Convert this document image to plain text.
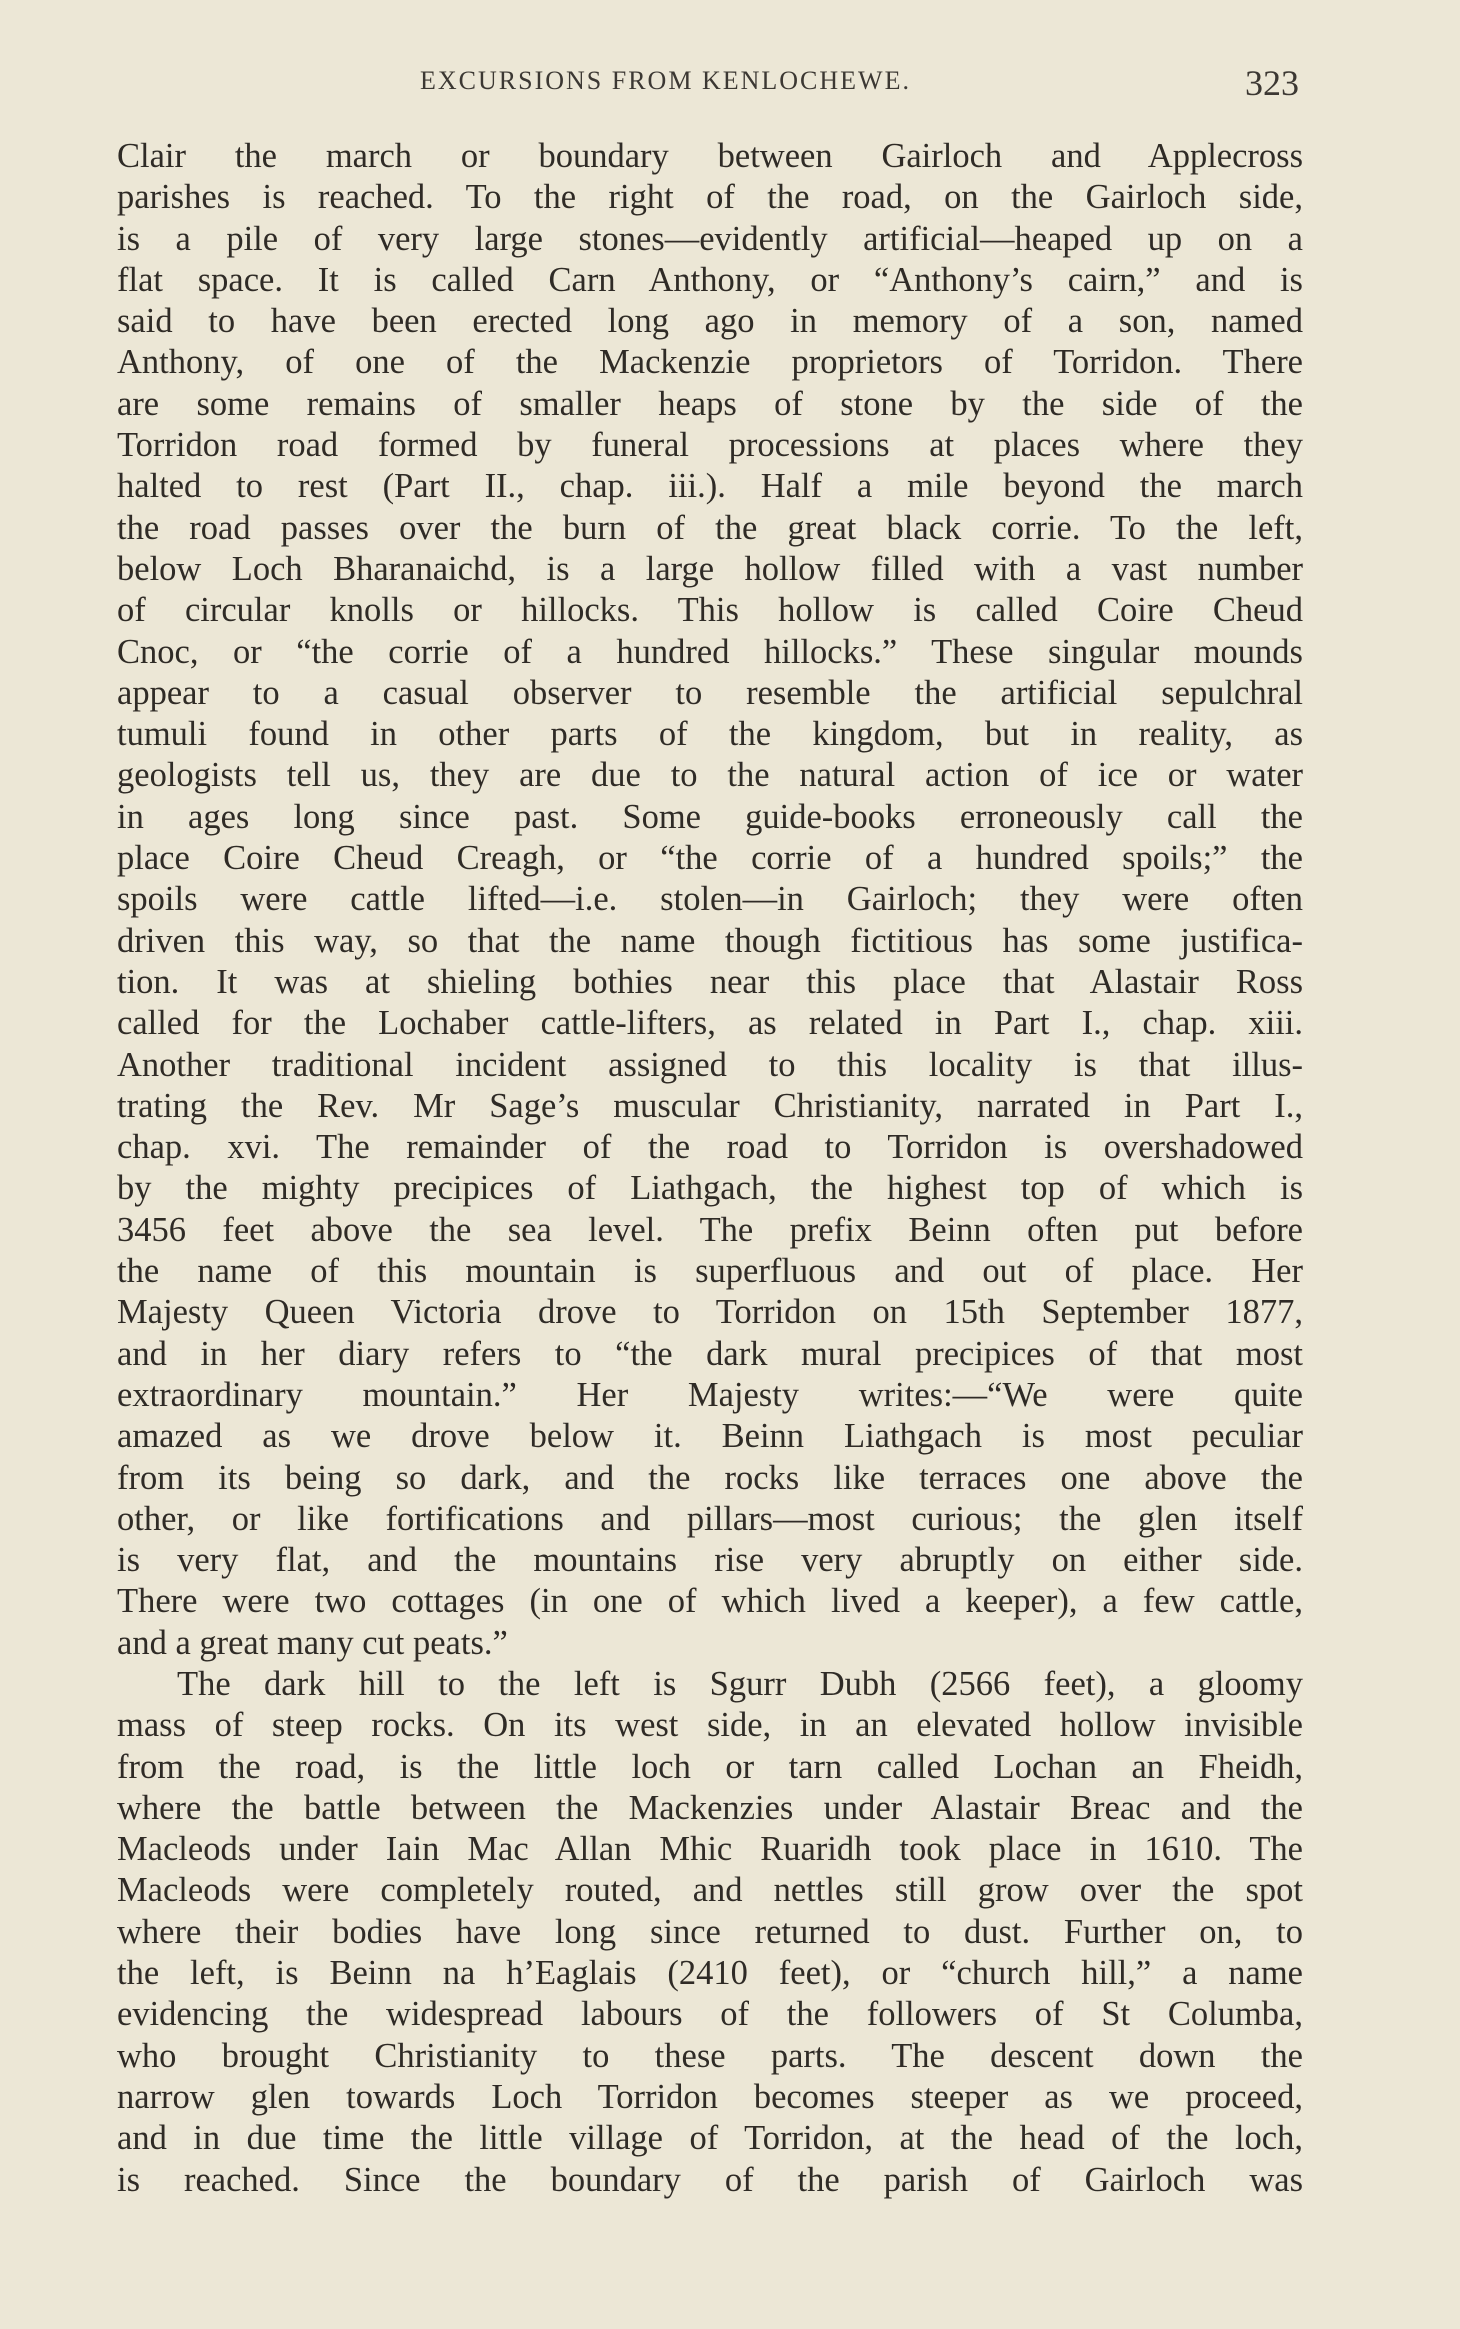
EXCURSIONS FROM KENLOCHEWE.	323
Clair the march or boundary between Gairloch and Applecross
parishes is reached. To the right of the road, on the Gairloch side,
is a pile of very large stones—evidently artificial—heaped up on a
flat space. It is called Carn Anthony, or “Anthony’s cairn,” and is
said to have been erected long ago in memory of a son, named
Anthony, of one of the Mackenzie proprietors of Torridon. There
are some remains of smaller heaps of stone by the side of the
Torridon road formed by funeral processions at places where they
halted to rest (Part II., chap. iii.). Half a mile beyond the march
the road passes over the burn of the great black corrie. To the left,
below Loch Bharanaichd, is a large hollow filled with a vast number
of circular knolls or hillocks. This hollow is called Coire Cheud
Cnoc, or “the corrie of a hundred hillocks.” These singular mounds
appear to a casual observer to resemble the artificial sepulchral
tumuli found in other parts of the kingdom, but in reality, as
geologists tell us, they are due to the natural action of ice or water
in ages long since past. Some guide-books erroneously call the
place Coire Cheud Creagh, or “the corrie of a hundred spoils;” the
spoils were cattle lifted—i.e. stolen—in Gairloch; they were often
driven this way, so that the name though fictitious has some justifica-
tion. It was at shieling bothies near this place that Alastair Ross
called for the Lochaber cattle-lifters, as related in Part I., chap. xiii.
Another traditional incident assigned to this locality is that illus-
trating the Rev. Mr Sage’s muscular Christianity, narrated in Part I.,
chap. xvi. The remainder of the road to Torridon is overshadowed
by the mighty precipices of Liathgach, the highest top of which is
3456 feet above the sea level. The prefix Beinn often put before
the name of this mountain is superfluous and out of place. Her
Majesty Queen Victoria drove to Torridon on 15th September 1877,
and in her diary refers to “the dark mural precipices of that most
extraordinary mountain.” Her Majesty writes:—“We were quite
amazed as we drove below it. Beinn Liathgach is most peculiar
from its being so dark, and the rocks like terraces one above the
other, or like fortifications and pillars—most curious; the glen itself
is very flat, and the mountains rise very abruptly on either side.
There were two cottages (in one of which lived a keeper), a few cattle,
and a great many cut peats.”
The dark hill to the left is Sgurr Dubh (2566 feet), a gloomy
mass of steep rocks. On its west side, in an elevated hollow invisible
from the road, is the little loch or tarn called Lochan an Fheidh,
where the battle between the Mackenzies under Alastair Breac and the
Macleods under Iain Mac Allan Mhic Ruaridh took place in 1610. The
Macleods were completely routed, and nettles still grow over the spot
where their bodies have long since returned to dust. Further on, to
the left, is Beinn na h’Eaglais (2410 feet), or “church hill,” a name
evidencing the widespread labours of the followers of St Columba,
who brought Christianity to these parts. The descent down the
narrow glen towards Loch Torridon becomes steeper as we proceed,
and in due time the little village of Torridon, at the head of the loch,
is reached. Since the boundary of the parish of Gairloch was
